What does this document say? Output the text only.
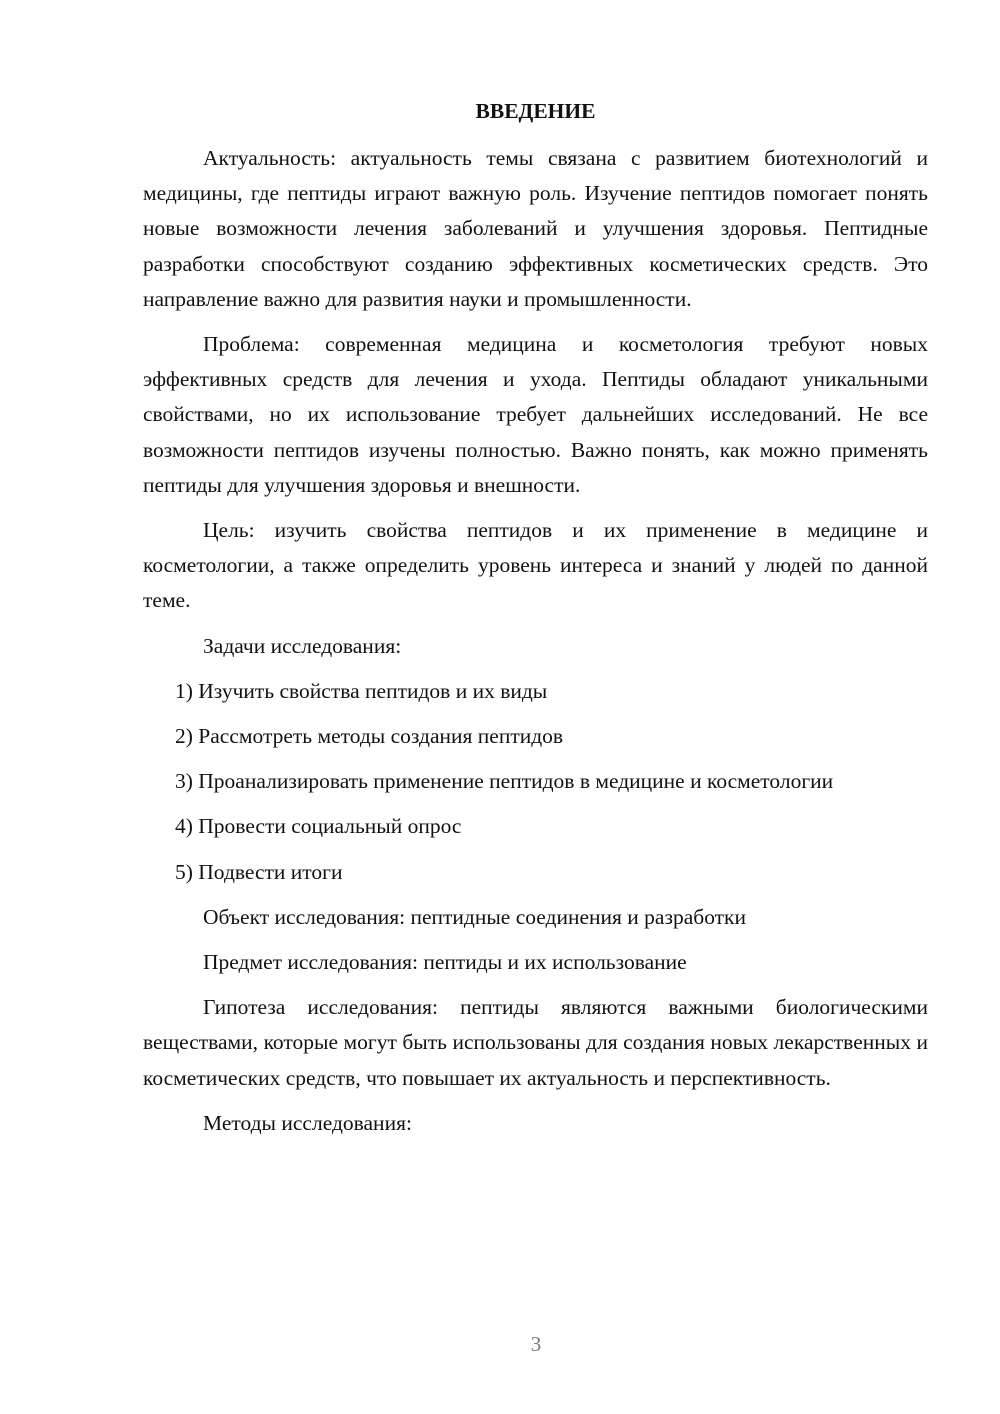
ВВЕДЕНИЕ

Актуальность: актуальность темы связана с развитием биотехнологий и медицины, где пептиды играют важную роль. Изучение пептидов помогает понять новые возможности лечения заболеваний и улучшения здоровья. Пептидные разработки способствуют созданию эффективных косметических средств. Это направление важно для развития науки и промышленности.

Проблема: современная медицина и косметология требуют новых эффективных средств для лечения и ухода. Пептиды обладают уникальными свойствами, но их использование требует дальнейших исследований. Не все возможности пептидов изучены полностью. Важно понять, как можно применять пептиды для улучшения здоровья и внешности.

Цель: изучить свойства пептидов и их применение в медицине и косметологии, а также определить уровень интереса и знаний у людей по данной теме.

Задачи исследования:

1) Изучить свойства пептидов и их виды

2) Рассмотреть методы создания пептидов

3) Проанализировать применение пептидов в медицине и косметологии

4) Провести социальный опрос

5) Подвести итоги

Объект исследования: пептидные соединения и разработки

Предмет исследования: пептиды и их использование

Гипотеза исследования: пептиды являются важными биологическими веществами, которые могут быть использованы для создания новых лекарственных и косметических средств, что повышает их актуальность и перспективность.

Методы исследования:

3
